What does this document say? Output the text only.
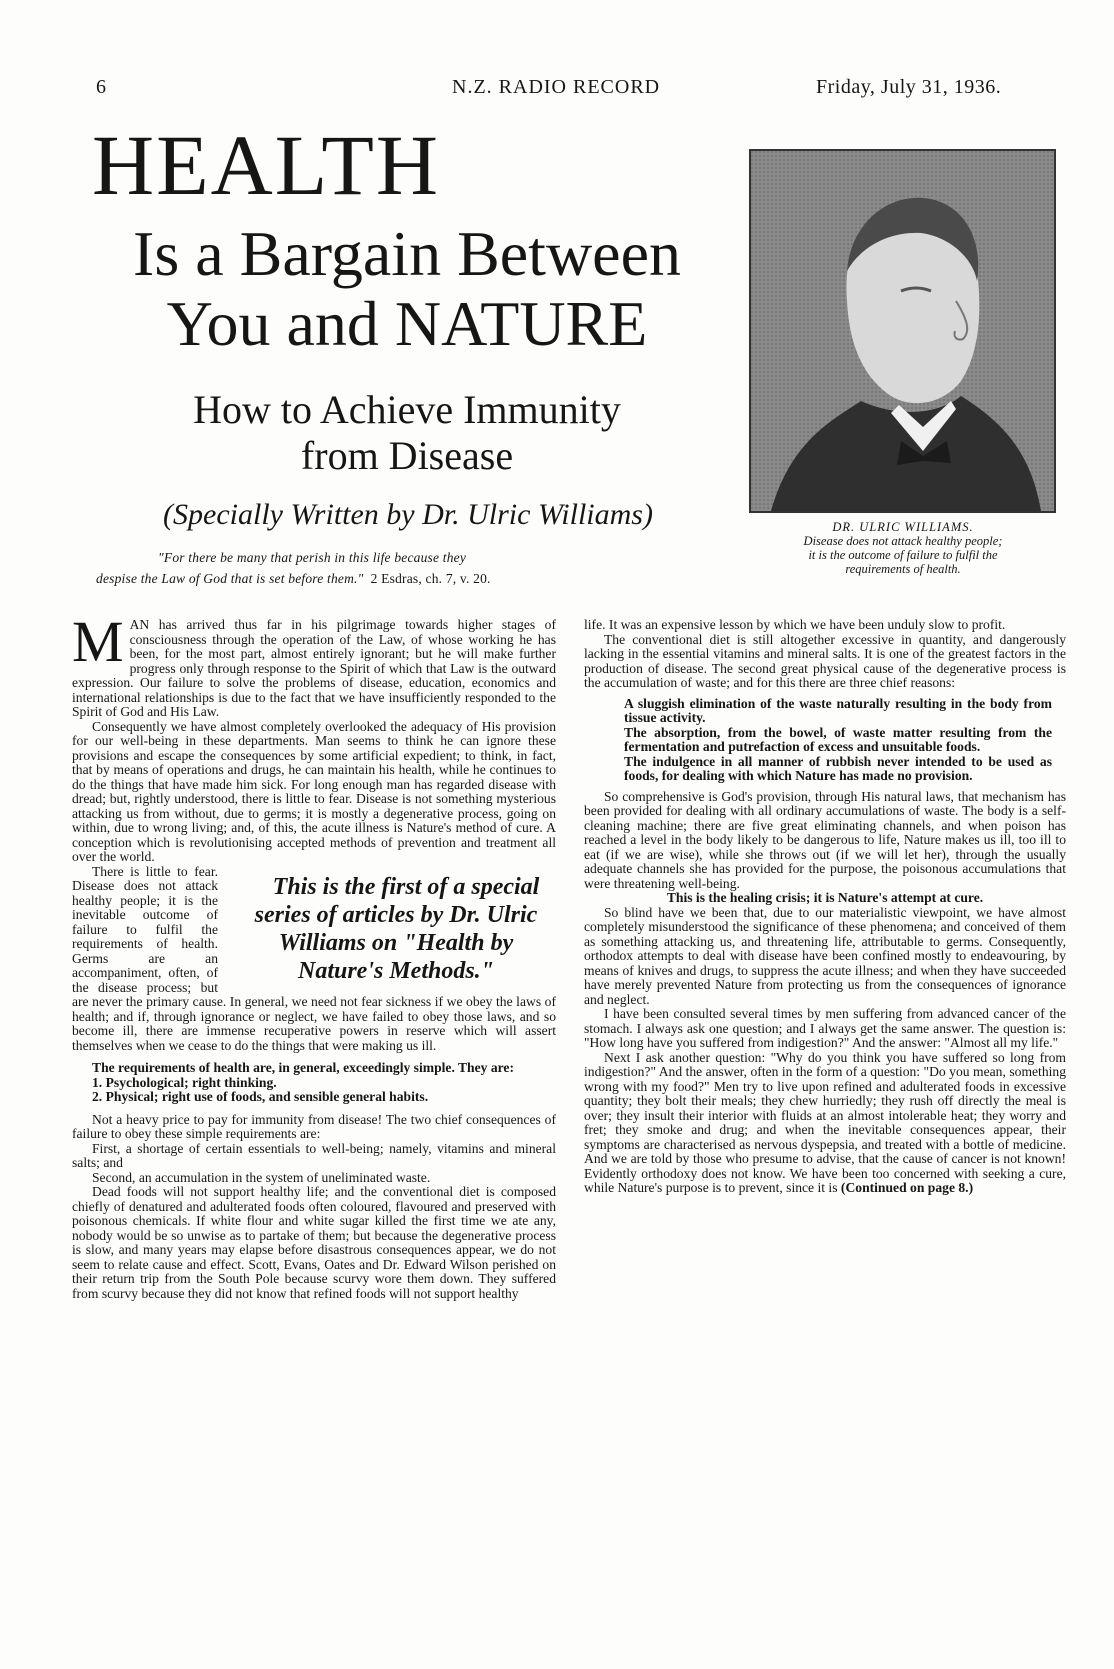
6	N.Z. RADIO RECORD	Friday, July 31, 1936.
HEALTH
Is a Bargain Between
You and NATURE
How to Achieve Immunity
from Disease
(Specially Written by Dr. Ulric Williams)
"For there be many that perish in this life because they
despise the Law of God that is set before them." 2 Esdras, ch. 7, v. 20.
DR. ULRIC WILLIAMS.
Disease does not attack healthy people;
it is the outcome of failure to fulfil the
requirements of health.

MAN has arrived thus far in his pilgrimage towards higher stages of consciousness through the operation of the Law, of whose working he has been, for the most part, almost entirely ignorant; but he will make further progress only through response to the Spirit of which that Law is the outward expression. Our failure to solve the problems of disease, education, economics and international relationships is due to the fact that we have insufficiently responded to the Spirit of God and His Law.

Consequently we have almost completely overlooked the adequacy of His provision for our well-being in these departments. Man seems to think he can ignore these provisions and escape the consequences by some artificial expedient; to think, in fact, that by means of operations and drugs, he can maintain his health, while he continues to do the things that have made him sick. For long enough man has regarded disease with dread; but, rightly understood, there is little to fear. Disease is not something mysterious attacking us from without, due to germs; it is mostly a degenerative process, going on within, due to wrong living; and, of this, the acute illness is Nature's method of cure. A conception which is revolutionising accepted methods of prevention and treatment all over the world.

This is the first of a special series of articles by Dr. Ulric Williams on "Health by Nature's Methods."
There is little to fear. Disease does not attack healthy people; it is the inevitable outcome of failure to fulfil the requirements of health. Germs are an accompaniment, often, of the disease process; but are never the primary cause. In general, we need not fear sickness if we obey the laws of health; and if, through ignorance or neglect, we have failed to obey those laws, and so become ill, there are immense recuperative powers in reserve which will assert themselves when we cease to do the things that were making us ill.

The requirements of health are, in general, exceedingly simple. They are:

1. Psychological; right thinking.

2. Physical; right use of foods, and sensible general habits.

Not a heavy price to pay for immunity from disease! The two chief consequences of failure to obey these simple requirements are:

First, a shortage of certain essentials to well-being; namely, vitamins and mineral salts; and

Second, an accumulation in the system of uneliminated waste.

Dead foods will not support healthy life; and the conventional diet is composed chiefly of denatured and adulterated foods often coloured, flavoured and preserved with poisonous chemicals. If white flour and white sugar killed the first time we ate any, nobody would be so unwise as to partake of them; but because the degenerative process is slow, and many years may elapse before disastrous consequences appear, we do not seem to relate cause and effect. Scott, Evans, Oates and Dr. Edward Wilson perished on their return trip from the South Pole because scurvy wore them down. They suffered from scurvy because they did not know that refined foods will not support healthy

life. It was an expensive lesson by which we have been unduly slow to profit.

The conventional diet is still altogether excessive in quantity, and dangerously lacking in the essential vitamins and mineral salts. It is one of the greatest factors in the production of disease. The second great physical cause of the degenerative process is the accumulation of waste; and for this there are three chief reasons:

A sluggish elimination of the waste naturally resulting in the body from tissue activity.

The absorption, from the bowel, of waste matter resulting from the fermentation and putrefaction of excess and unsuitable foods.

The indulgence in all manner of rubbish never intended to be used as foods, for dealing with which Nature has made no provision.

So comprehensive is God's provision, through His natural laws, that mechanism has been provided for dealing with all ordinary accumulations of waste. The body is a self-cleaning machine; there are five great eliminating channels, and when poison has reached a level in the body likely to be dangerous to life, Nature makes us ill, too ill to eat (if we are wise), while she throws out (if we will let her), through the usually adequate channels she has provided for the purpose, the poisonous accumulations that were threatening well-being.

This is the healing crisis; it is Nature's attempt at cure.

So blind have we been that, due to our materialistic viewpoint, we have almost completely misunderstood the significance of these phenomena; and conceived of them as something attacking us, and threatening life, attributable to germs. Consequently, orthodox attempts to deal with disease have been confined mostly to endeavouring, by means of knives and drugs, to suppress the acute illness; and when they have succeeded have merely prevented Nature from protecting us from the consequences of ignorance and neglect.

I have been consulted several times by men suffering from advanced cancer of the stomach. I always ask one question; and I always get the same answer. The question is: "How long have you suffered from indigestion?" And the answer: "Almost all my life."

Next I ask another question: "Why do you think you have suffered so long from indigestion?" And the answer, often in the form of a question: "Do you mean, something wrong with my food?" Men try to live upon refined and adulterated foods in excessive quantity; they bolt their meals; they chew hurriedly; they rush off directly the meal is over; they insult their interior with fluids at an almost intolerable heat; they worry and fret; they smoke and drug; and when the inevitable consequences appear, their symptoms are characterised as nervous dyspepsia, and treated with a bottle of medicine. And we are told by those who presume to advise, that the cause of cancer is not known! Evidently orthodoxy does not know. We have been too concerned with seeking a cure, while Nature's purpose is to prevent, since it is (Continued on page 8.)
